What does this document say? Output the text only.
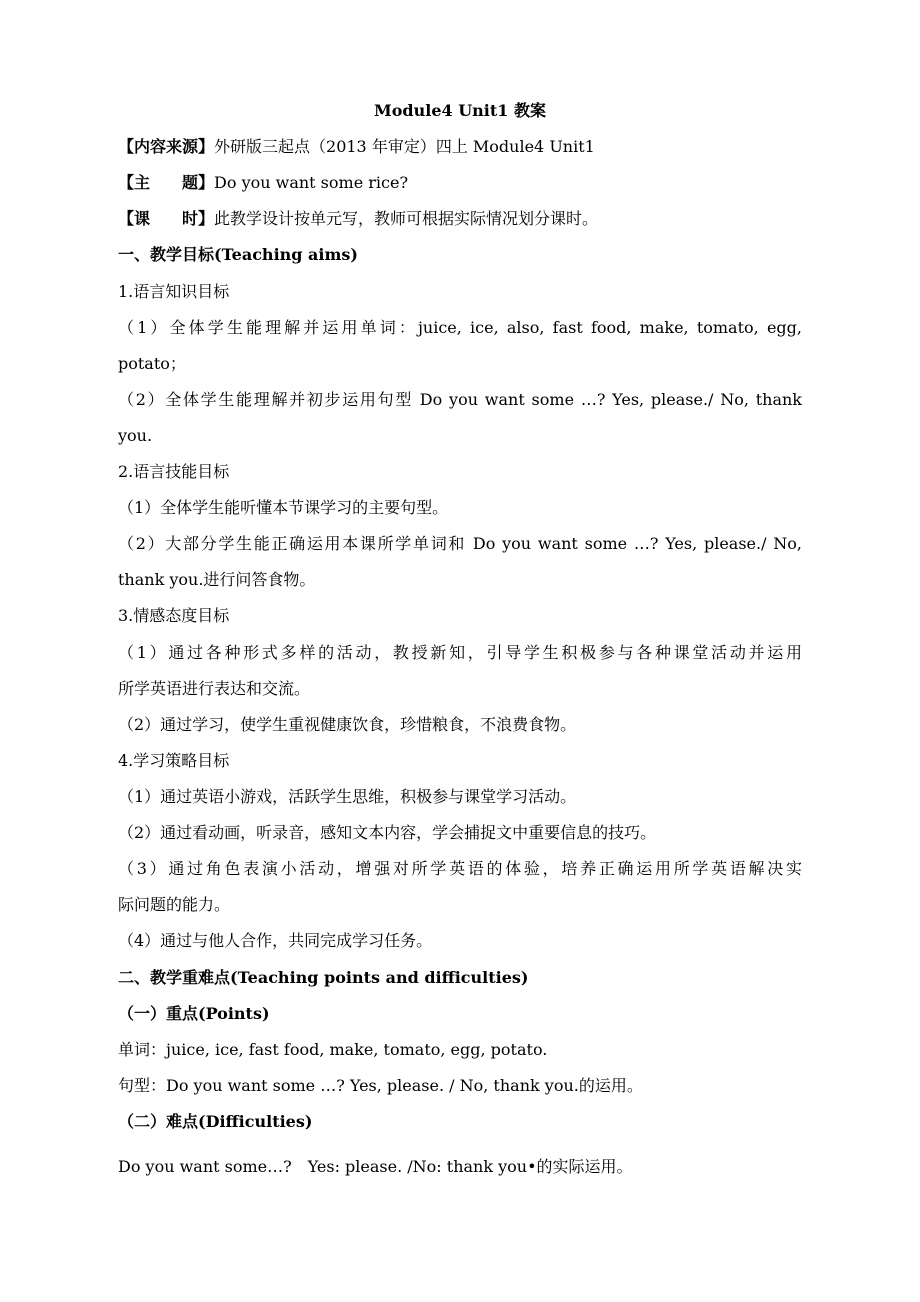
Module4 Unit1 教案
【内容来源】外研版三起点（2013 年审定）四上 Module4 Unit1
【主　　题】Do you want some rice?
【课　　时】此教学设计按单元写，教师可根据实际情况划分课时。
一、教学目标(Teaching aims)
1.语言知识目标
（1）全体学生能理解并运用单词：juice, ice, also, fast food, make, tomato, egg,
potato；
（2）全体学生能理解并初步运用句型 Do you want some …? Yes, please./ No, thank
you.
2.语言技能目标
（1）全体学生能听懂本节课学习的主要句型。
（2）大部分学生能正确运用本课所学单词和 Do you want some …? Yes, please./ No,
thank you.进行问答食物。
3.情感态度目标
（1）通过各种形式多样的活动，教授新知，引导学生积极参与各种课堂活动并运用
所学英语进行表达和交流。
（2）通过学习，使学生重视健康饮食，珍惜粮食，不浪费食物。
4.学习策略目标
（1）通过英语小游戏，活跃学生思维，积极参与课堂学习活动。
（2）通过看动画，听录音，感知文本内容，学会捕捉文中重要信息的技巧。
（3）通过角色表演小活动，增强对所学英语的体验，培养正确运用所学英语解决实
际问题的能力。
（4）通过与他人合作，共同完成学习任务。
二、教学重难点(Teaching points and difficulties)
（一）重点(Points)
单词：juice, ice, fast food, make, tomato, egg, potato.
句型：Do you want some …? Yes, please. / No, thank you.的运用。
（二）难点(Difficulties)
Do you want some…?　Yes: please. /No: thank you•的实际运用。
